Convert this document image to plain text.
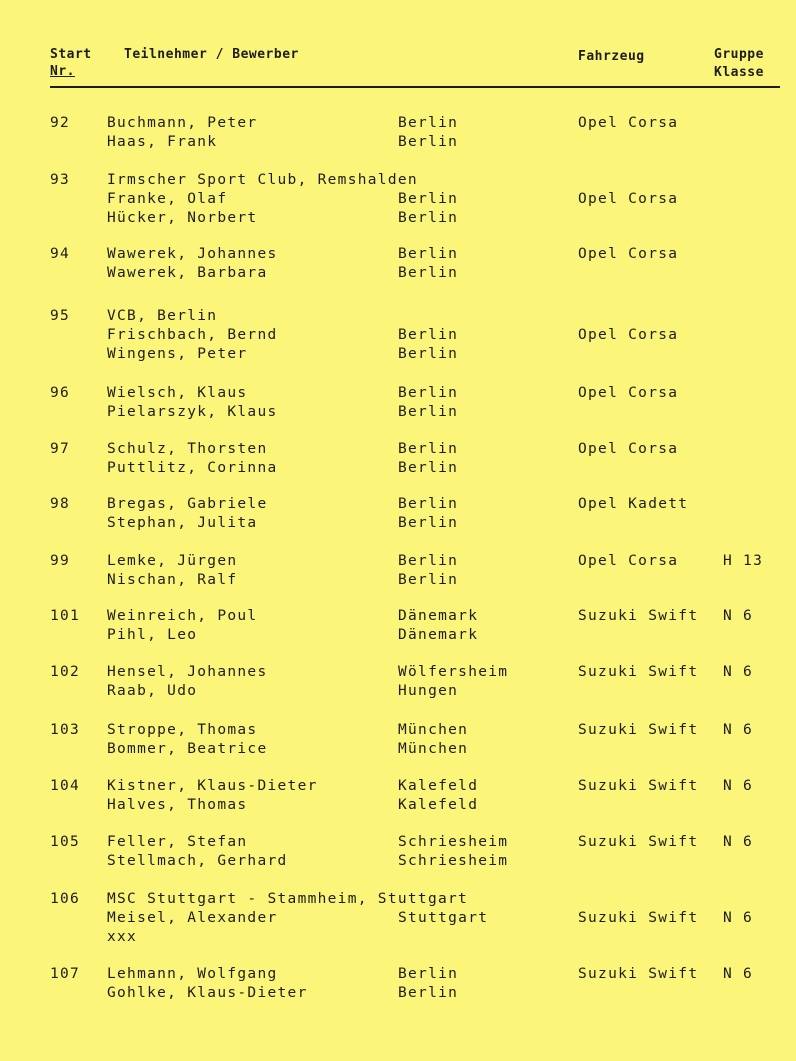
Start
Nr.
Teilnehmer / Bewerber	Fahrzeug	Gruppe
Klasse
92	Buchmann, Peter	Berlin	Opel Corsa
Haas, Frank	Berlin
93	Irmscher Sport Club, Remshalden
Franke, Olaf	Berlin	Opel Corsa
Hücker, Norbert	Berlin
94	Wawerek, Johannes	Berlin	Opel Corsa
Wawerek, Barbara	Berlin
95	VCB, Berlin
Frischbach, Bernd	Berlin	Opel Corsa
Wingens, Peter	Berlin
96	Wielsch, Klaus	Berlin	Opel Corsa
Pielarszyk, Klaus	Berlin
97	Schulz, Thorsten	Berlin	Opel Corsa
Puttlitz, Corinna	Berlin
98	Bregas, Gabriele	Berlin	Opel Kadett
Stephan, Julita	Berlin
99	Lemke, Jürgen	Berlin	Opel Corsa	H 13
Nischan, Ralf	Berlin
101 Weinreich, Poul	Dänemark	Suzuki Swift N 6
Pihl, Leo	Dänemark
102 Hensel, Johannes	Wölfersheim	Suzuki Swift N 6
Raab, Udo	Hungen
103 Stroppe, Thomas	München	Suzuki Swift N 6
Bommer, Beatrice	München
104 Kistner, Klaus-Dieter	Kalefeld	Suzuki Swift N 6
Halves, Thomas	Kalefeld
105 Feller, Stefan	Schriesheim	Suzuki Swift N 6
Stellmach, Gerhard	Schriesheim
106 MSC Stuttgart - Stammheim, Stuttgart
Meisel, Alexander	Stuttgart	Suzuki Swift N 6
xxx
107 Lehmann, Wolfgang	Berlin	Suzuki Swift N 6
Gohlke, Klaus-Dieter	Berlin
